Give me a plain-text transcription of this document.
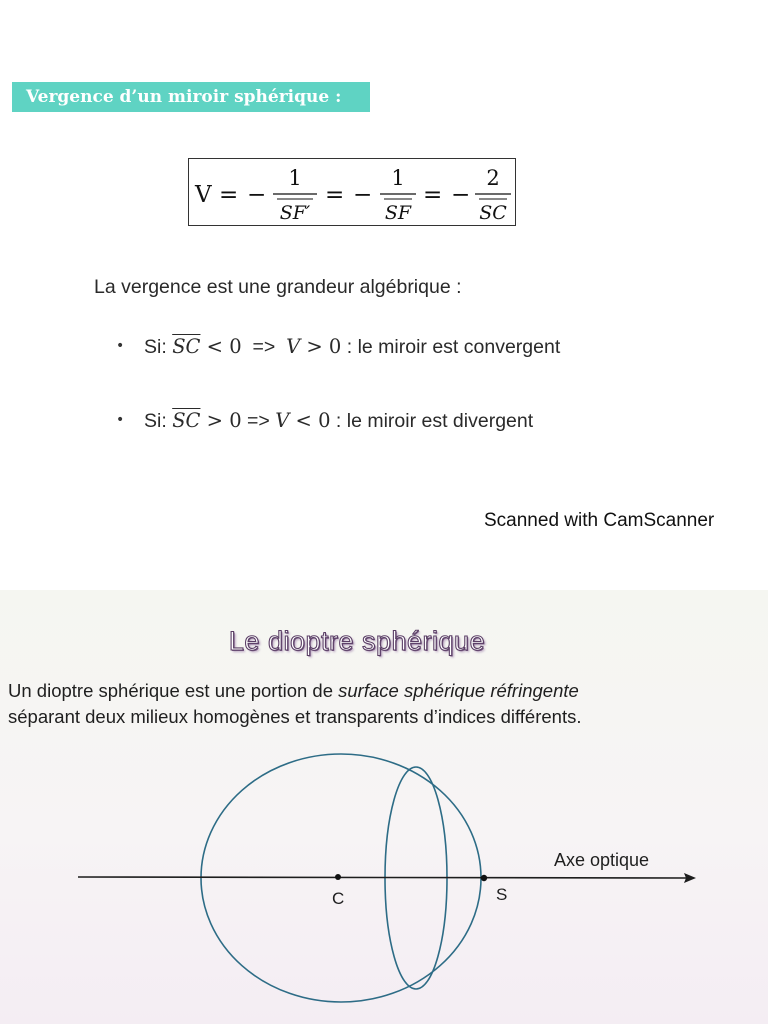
Vergence d’un miroir sphérique :
V = −
1
SF′
= −
1
SF
= −
2
SC
La vergence est une grandeur algébrique :
• Si: $\overline{SC} < 0 => V > 0$ : le miroir est convergent
• Si: $\overline{SC} > 0 => V < 0$ : le miroir est divergent
Scanned with CamScanner
Le dioptre sphérique
Un dioptre sphérique est une portion de surface sphérique réfringente
séparant deux milieux homogènes et transparents d’indices différents.
C	S
Axe optique
